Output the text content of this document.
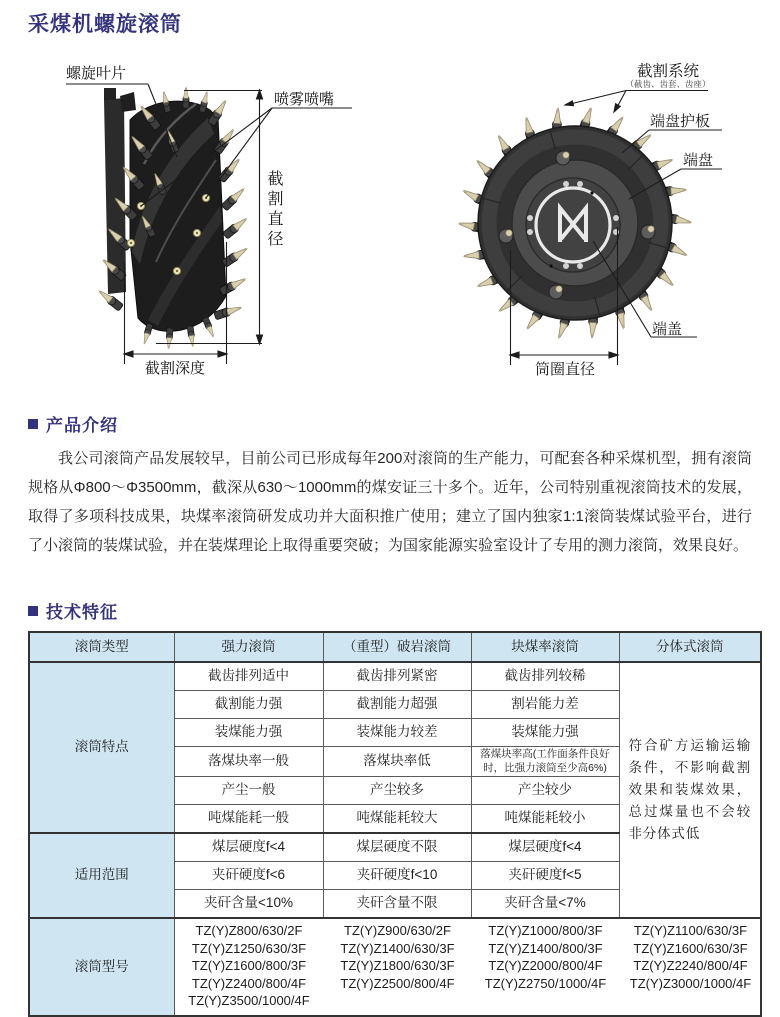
采煤机螺旋滚筒
螺旋叶片
喷雾喷嘴
截割直径
截割深度
截割系统
（截齿、齿套、齿座）
端盘护板
端盘
端盖
筒圈直径
产品介绍
我公司滚筒产品发展较早，目前公司已形成每年200对滚筒的生产能力，可配套各种采煤机型，拥有滚筒规格从Φ800～Φ3500mm，截深从630～1000mm的煤安证三十多个。近年，公司特别重视滚筒技术的发展，取得了多项科技成果，块煤率滚筒研发成功并大面积推广使用；建立了国内独家1:1滚筒装煤试验平台，进行了小滚筒的装煤试验，并在装煤理论上取得重要突破；为国家能源实验室设计了专用的测力滚筒，效果良好。
技术特征
滚筒类型	强力滚筒	（重型）破岩滚筒	块煤率滚筒	分体式滚筒
滚筒特点	截齿排列适中	截齿排列紧密	截齿排列较稀	符合矿方运输运输条件，不影响截割效果和装煤效果，总过煤量也不会较非分体式低
	截割能力强	截割能力超强	割岩能力差	
	装煤能力强	装煤能力较差	装煤能力强	
	落煤块率一般	落煤块率低	落煤块率高(工作面条件良好时，比强力滚筒至少高6%)	
	产尘一般	产尘较多	产尘较少	
	吨煤能耗一般	吨煤能耗较大	吨煤能耗较小	
适用范围	煤层硬度f<4	煤层硬度不限	煤层硬度f<4	
	夹矸硬度f<6	夹矸硬度f<10	夹矸硬度f<5	
	夹矸含量<10%	夹矸含量不限	夹矸含量<7%	
滚筒型号	
TZ(Y)Z800/630/2F	TZ(Y)Z900/630/2F	TZ(Y)Z1000/800/3F	TZ(Y)Z1100/630/3F
TZ(Y)Z1250/630/3F	TZ(Y)Z1400/630/3F	TZ(Y)Z1400/800/3F	TZ(Y)Z1600/630/3F
TZ(Y)Z1600/800/3F	TZ(Y)Z1800/630/3F	TZ(Y)Z2000/800/4F	TZ(Y)Z2240/800/4F
TZ(Y)Z2400/800/4F	TZ(Y)Z2500/800/4F	TZ(Y)Z2750/1000/4F	TZ(Y)Z3000/1000/4F
TZ(Y)Z3500/1000/4F
